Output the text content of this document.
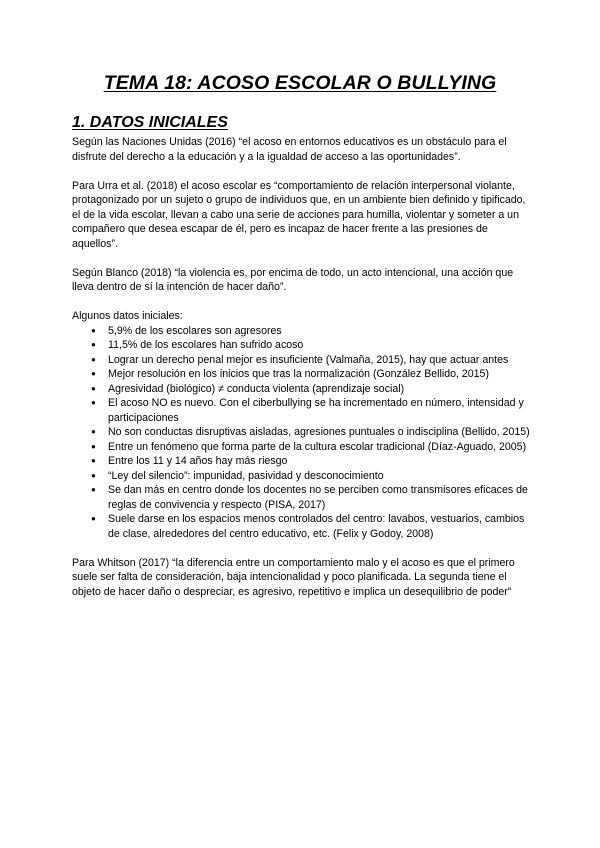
TEMA 18: ACOSO ESCOLAR O BULLYING
1. DATOS INICIALES

Según las Naciones Unidas (2016) “el acoso en entornos educativos es un obstáculo para el disfrute del derecho a la educación y a la igualdad de acceso a las oportunidades”.

Para Urra et al. (2018) el acoso escolar es “comportamiento de relación interpersonal violante, protagonizado por un sujeto o grupo de individuos que, en un ambiente bien definido y tipificado, el de la vida escolar, llevan a cabo una serie de acciones para humilla, violentar y someter a un compañero que desea escapar de él, pero es incapaz de hacer frente a las presiones de aquellos”.

Según Blanco (2018) “la violencia es, por encima de todo, un acto intencional, una acción que lleva dentro de sí la intención de hacer daño”.

Algunos datos iniciales:

● 5,9% de los escolares son agresores
● 11,5% de los escolares han sufrido acoso
● Lograr un derecho penal mejor es insuficiente (Valmaña, 2015), hay que actuar antes
● Mejor resolución en los inicios que tras la normalización (González Bellido, 2015)
● Agresividad (biológico) ≠ conducta violenta (aprendizaje social)
● El acoso NO es nuevo. Con el ciberbullying se ha incrementado en número, intensidad y participaciones
● No son conductas disruptivas aisladas, agresiones puntuales o indisciplina (Bellido, 2015)
● Entre un fenómeno que forma parte de la cultura escolar tradicional (Díaz-Aguado, 2005)
● Entre los 11 y 14 años hay más riesgo
● “Ley del silencio”: impunidad, pasividad y desconocimiento
● Se dan más en centro donde los docentes no se perciben como transmisores eficaces de reglas de convivencia y respecto (PISA, 2017)
● Suele darse en los espacios menos controlados del centro: lavabos, vestuarios, cambios de clase, alrededores del centro educativo, etc. (Felix y Godoy, 2008)

Para Whitson (2017) “la diferencia entre un comportamiento malo y el acoso es que el primero suele ser falta de consideración, baja intencionalidad y poco planificada. La segunda tiene el objeto de hacer daño o despreciar, es agresivo, repetitivo e implica un desequilibrio de poder”
